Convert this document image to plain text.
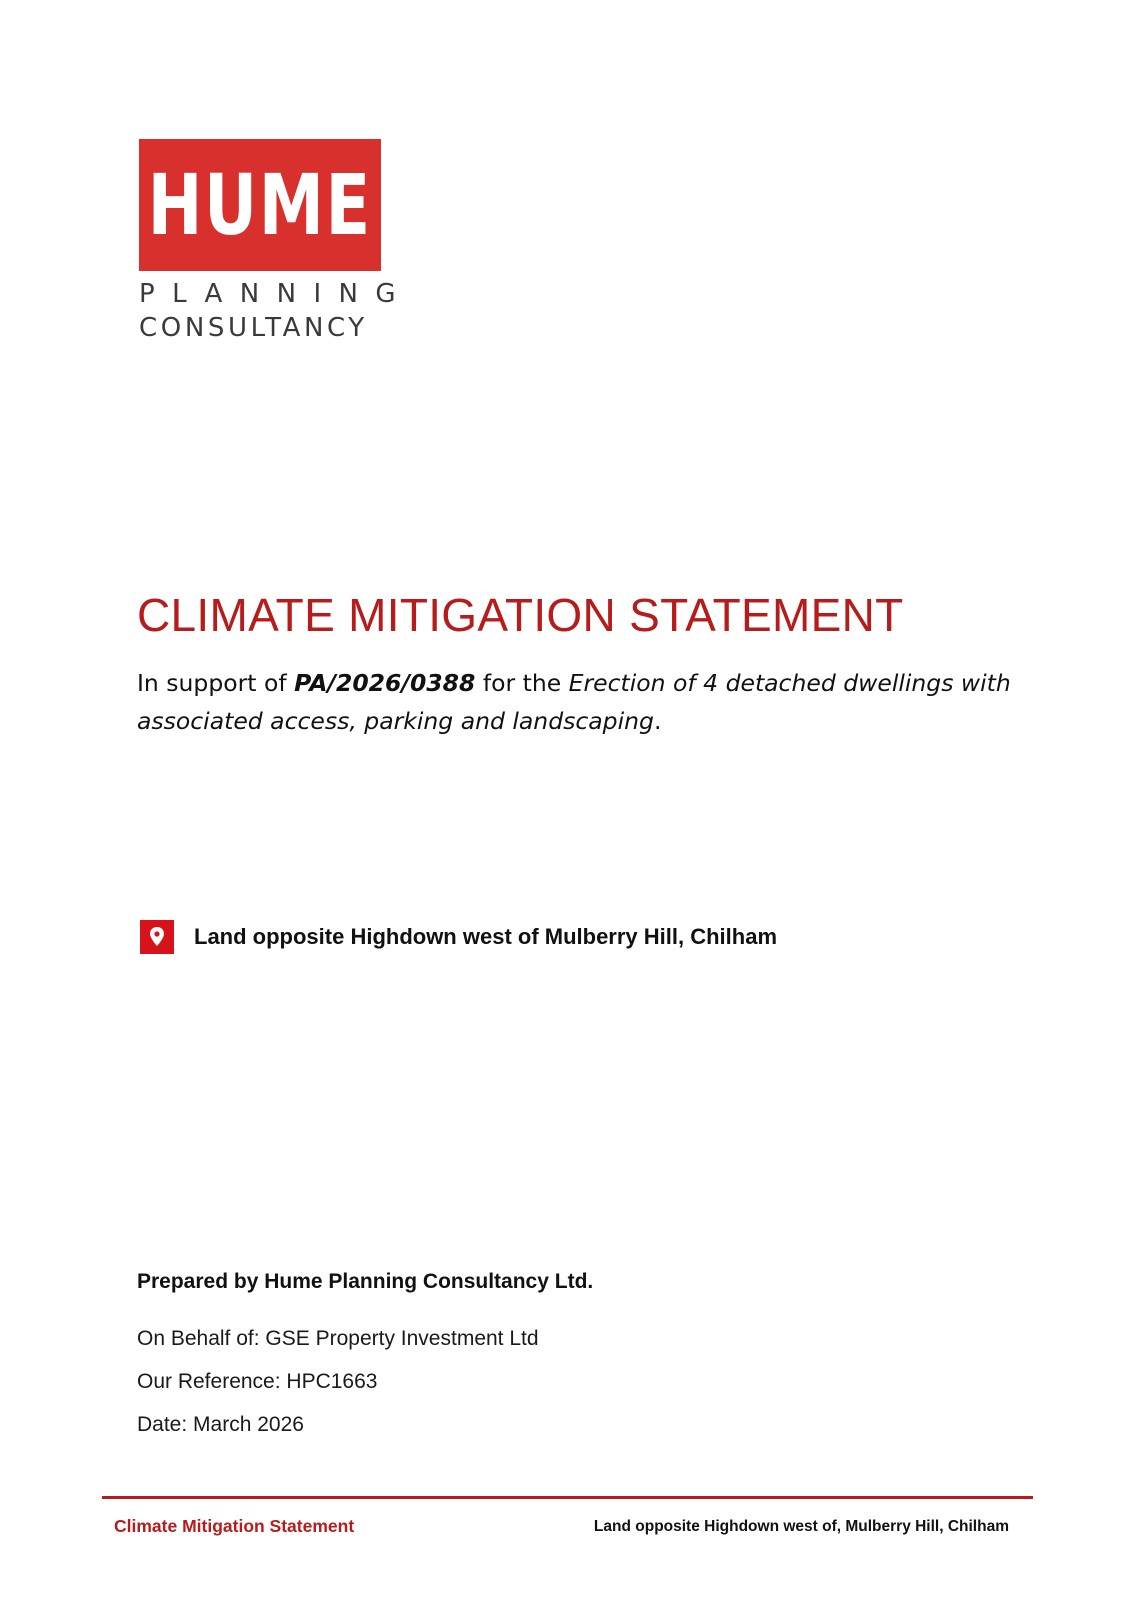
HUME
PLANNING
CONSULTANCY
CLIMATE MITIGATION STATEMENT
In support of PA/2026/0388 for the Erection of 4 detached dwellings with associated access, parking and landscaping.
Land opposite Highdown west of Mulberry Hill, Chilham
Prepared by Hume Planning Consultancy Ltd.
On Behalf of: GSE Property Investment Ltd
Our Reference: HPC1663
Date: March 2026
Climate Mitigation Statement	Land opposite Highdown west of, Mulberry Hill, Chilham
